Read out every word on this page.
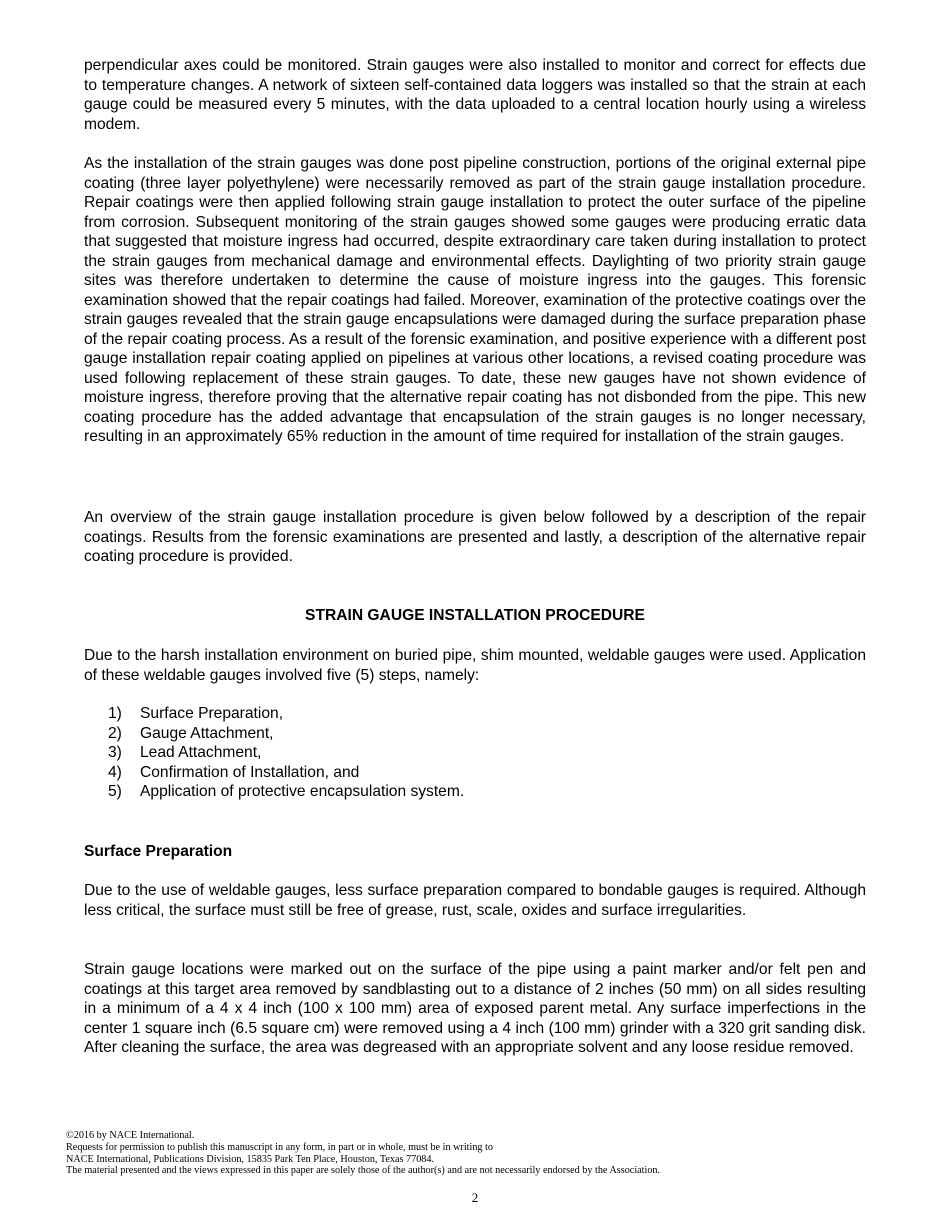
perpendicular axes could be monitored. Strain gauges were also installed to monitor and correct for effects due to temperature changes. A network of sixteen self-contained data loggers was installed so that the strain at each gauge could be measured every 5 minutes, with the data uploaded to a central location hourly using a wireless modem.

As the installation of the strain gauges was done post pipeline construction, portions of the original external pipe coating (three layer polyethylene) were necessarily removed as part of the strain gauge installation procedure. Repair coatings were then applied following strain gauge installation to protect the outer surface of the pipeline from corrosion. Subsequent monitoring of the strain gauges showed some gauges were producing erratic data that suggested that moisture ingress had occurred, despite extraordinary care taken during installation to protect the strain gauges from mechanical damage and environmental effects. Daylighting of two priority strain gauge sites was therefore undertaken to determine the cause of moisture ingress into the gauges. This forensic examination showed that the repair coatings had failed. Moreover, examination of the protective coatings over the strain gauges revealed that the strain gauge encapsulations were damaged during the surface preparation phase of the repair coating process. As a result of the forensic examination, and positive experience with a different post gauge installation repair coating applied on pipelines at various other locations, a revised coating procedure was used following replacement of these strain gauges. To date, these new gauges have not shown evidence of moisture ingress, therefore proving that the alternative repair coating has not disbonded from the pipe. This new coating procedure has the added advantage that encapsulation of the strain gauges is no longer necessary, resulting in an approximately 65% reduction in the amount of time required for installation of the strain gauges.

An overview of the strain gauge installation procedure is given below followed by a description of the repair coatings. Results from the forensic examinations are presented and lastly, a description of the alternative repair coating procedure is provided.

STRAIN GAUGE INSTALLATION PROCEDURE

Due to the harsh installation environment on buried pipe, shim mounted, weldable gauges were used. Application of these weldable gauges involved five (5) steps, namely:

1) Surface Preparation,
2) Gauge Attachment,
3) Lead Attachment,
4) Confirmation of Installation, and
5) Application of protective encapsulation system.
Surface Preparation

Due to the use of weldable gauges, less surface preparation compared to bondable gauges is required. Although less critical, the surface must still be free of grease, rust, scale, oxides and surface irregularities.

Strain gauge locations were marked out on the surface of the pipe using a paint marker and/or felt pen and coatings at this target area removed by sandblasting out to a distance of 2 inches (50 mm) on all sides resulting in a minimum of a 4 x 4 inch (100 x 100 mm) area of exposed parent metal. Any surface imperfections in the center 1 square inch (6.5 square cm) were removed using a 4 inch (100 mm) grinder with a 320 grit sanding disk. After cleaning the surface, the area was degreased with an appropriate solvent and any loose residue removed.

©2016 by NACE International.
Requests for permission to publish this manuscript in any form, in part or in whole, must be in writing to
NACE International, Publications Division, 15835 Park Ten Place, Houston, Texas 77084.
The material presented and the views expressed in this paper are solely those of the author(s) and are not necessarily endorsed by the Association.
2
